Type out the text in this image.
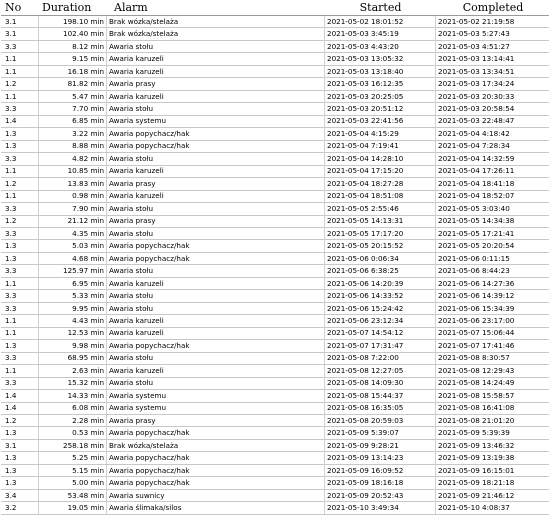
No	Duration	Alarm	Started	Completed
3.1	198.10 min Brak wózka/stelaża	2021-05-02 18:01:52	2021-05-02 21:19:58
3.1	102.40 min Brak wózka/stelaża	2021-05-03 3:45:19	2021-05-03 5:27:43
3.3	8.12 min Awaria stołu	2021-05-03 4:43:20	2021-05-03 4:51:27
1.1	9.15 min Awaria karuzeli	2021-05-03 13:05:32	2021-05-03 13:14:41
1.1	16.18 min Awaria karuzeli	2021-05-03 13:18:40	2021-05-03 13:34:51
1.2	81.82 min Awaria prasy	2021-05-03 16:12:35	2021-05-03 17:34:24
1.1	5.47 min Awaria karuzeli	2021-05-03 20:25:05	2021-05-03 20:30:33
3.3	7.70 min Awaria stołu	2021-05-03 20:51:12	2021-05-03 20:58:54
1.4	6.85 min Awaria systemu	2021-05-03 22:41:56	2021-05-03 22:48:47
1.3	3.22 min Awaria popychacz/hak	2021-05-04 4:15:29	2021-05-04 4:18:42
1.3	8.88 min Awaria popychacz/hak	2021-05-04 7:19:41	2021-05-04 7:28:34
3.3	4.82 min Awaria stołu	2021-05-04 14:28:10	2021-05-04 14:32:59
1.1	10.85 min Awaria karuzeli	2021-05-04 17:15:20	2021-05-04 17:26:11
1.2	13.83 min Awaria prasy	2021-05-04 18:27:28	2021-05-04 18:41:18
1.1	0.98 min Awaria karuzeli	2021-05-04 18:51:08	2021-05-04 18:52:07
3.3	7.90 min Awaria stołu	2021-05-05 2:55:46	2021-05-05 3:03:40
1.2	21.12 min Awaria prasy	2021-05-05 14:13:31	2021-05-05 14:34:38
3.3	4.35 min Awaria stołu	2021-05-05 17:17:20	2021-05-05 17:21:41
1.3	5.03 min Awaria popychacz/hak	2021-05-05 20:15:52	2021-05-05 20:20:54
1.3	4.68 min Awaria popychacz/hak	2021-05-06 0:06:34	2021-05-06 0:11:15
3.3	125.97 min Awaria stołu	2021-05-06 6:38:25	2021-05-06 8:44:23
1.1	6.95 min Awaria karuzeli	2021-05-06 14:20:39	2021-05-06 14:27:36
3.3	5.33 min Awaria stołu	2021-05-06 14:33:52	2021-05-06 14:39:12
3.3	9.95 min Awaria stołu	2021-05-06 15:24:42	2021-05-06 15:34:39
1.1	4.43 min Awaria karuzeli	2021-05-06 23:12:34	2021-05-06 23:17:00
1.1	12.53 min Awaria karuzeli	2021-05-07 14:54:12	2021-05-07 15:06:44
1.3	9.98 min Awaria popychacz/hak	2021-05-07 17:31:47	2021-05-07 17:41:46
3.3	68.95 min Awaria stołu	2021-05-08 7:22:00	2021-05-08 8:30:57
1.1	2.63 min Awaria karuzeli	2021-05-08 12:27:05	2021-05-08 12:29:43
3.3	15.32 min Awaria stołu	2021-05-08 14:09:30	2021-05-08 14:24:49
1.4	14.33 min Awaria systemu	2021-05-08 15:44:37	2021-05-08 15:58:57
1.4	6.08 min Awaria systemu	2021-05-08 16:35:05	2021-05-08 16:41:08
1.2	2.28 min Awaria prasy	2021-05-08 20:59:03	2021-05-08 21:01:20
1.3	0.53 min Awaria popychacz/hak	2021-05-09 5:39:07	2021-05-09 5:39:39
3.1	258.18 min Brak wózka/stelaża	2021-05-09 9:28:21	2021-05-09 13:46:32
1.3	5.25 min Awaria popychacz/hak	2021-05-09 13:14:23	2021-05-09 13:19:38
1.3	5.15 min Awaria popychacz/hak	2021-05-09 16:09:52	2021-05-09 16:15:01
1.3	5.00 min Awaria popychacz/hak	2021-05-09 18:16:18	2021-05-09 18:21:18
3.4	53.48 min Awaria suwnicy	2021-05-09 20:52:43	2021-05-09 21:46:12
3.2	19.05 min Awaria ślimaka/silos	2021-05-10 3:49:34	2021-05-10 4:08:37
